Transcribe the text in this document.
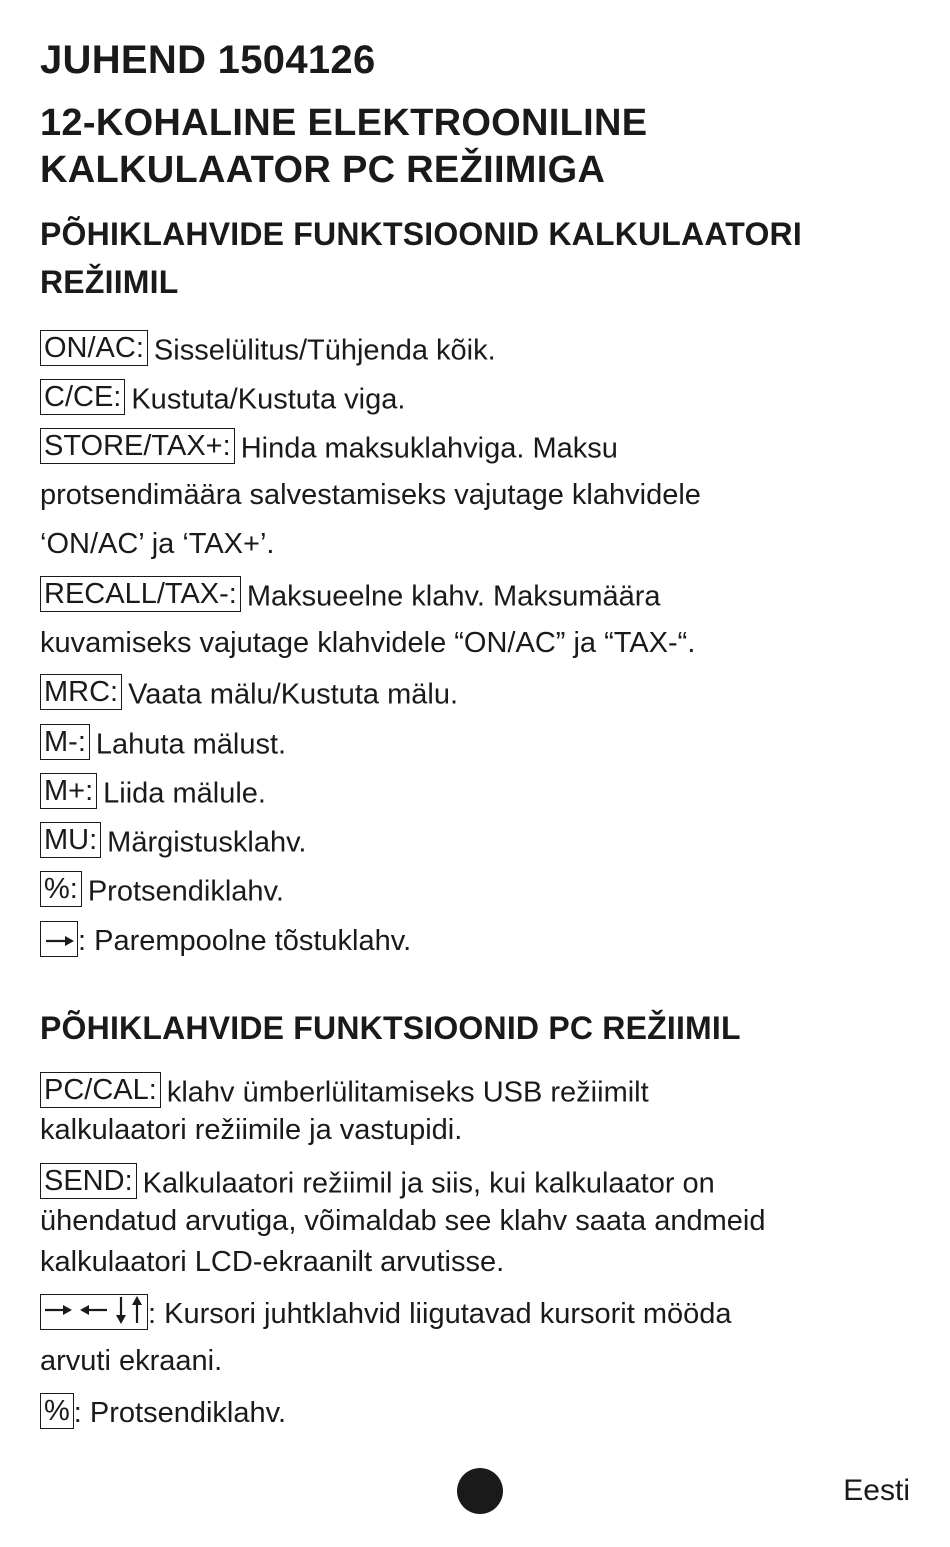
JUHEND 1504126
12-KOHALINE ELEKTROONILINE
KALKULAATOR PC REŽIIMIGA
PÕHIKLAHVIDE FUNKTSIOONID KALKULAATORI
REŽIIMIL
ON/AC: Sisselülitus/Tühjenda kõik.
C/CE: Kustuta/Kustuta viga.
STORE/TAX+: Hinda maksuklahviga. Maksu
protsendimäära salvestamiseks vajutage klahvidele
‘ON/AC’ ja ‘TAX+’.
RECALL/TAX-: Maksueelne klahv. Maksumäära
kuvamiseks vajutage klahvidele “ON/AC” ja “TAX-“.
MRC: Vaata mälu/Kustuta mälu.
M-: Lahuta mälust.
M+: Liida mälule.
MU: Märgistusklahv.
%: Protsendiklahv.
: Parempoolne tõstuklahv.
PÕHIKLAHVIDE FUNKTSIOONID PC REŽIIMIL
PC/CAL: klahv ümberlülitamiseks USB režiimilt
kalkulaatori režiimile ja vastupidi.
SEND: Kalkulaatori režiimil ja siis, kui kalkulaator on
ühendatud arvutiga, võimaldab see klahv saata andmeid
kalkulaatori LCD-ekraanilt arvutisse.
: Kursori juhtklahvid liigutavad kursorit mööda
arvuti ekraani.
% : Protsendiklahv.
Eesti
